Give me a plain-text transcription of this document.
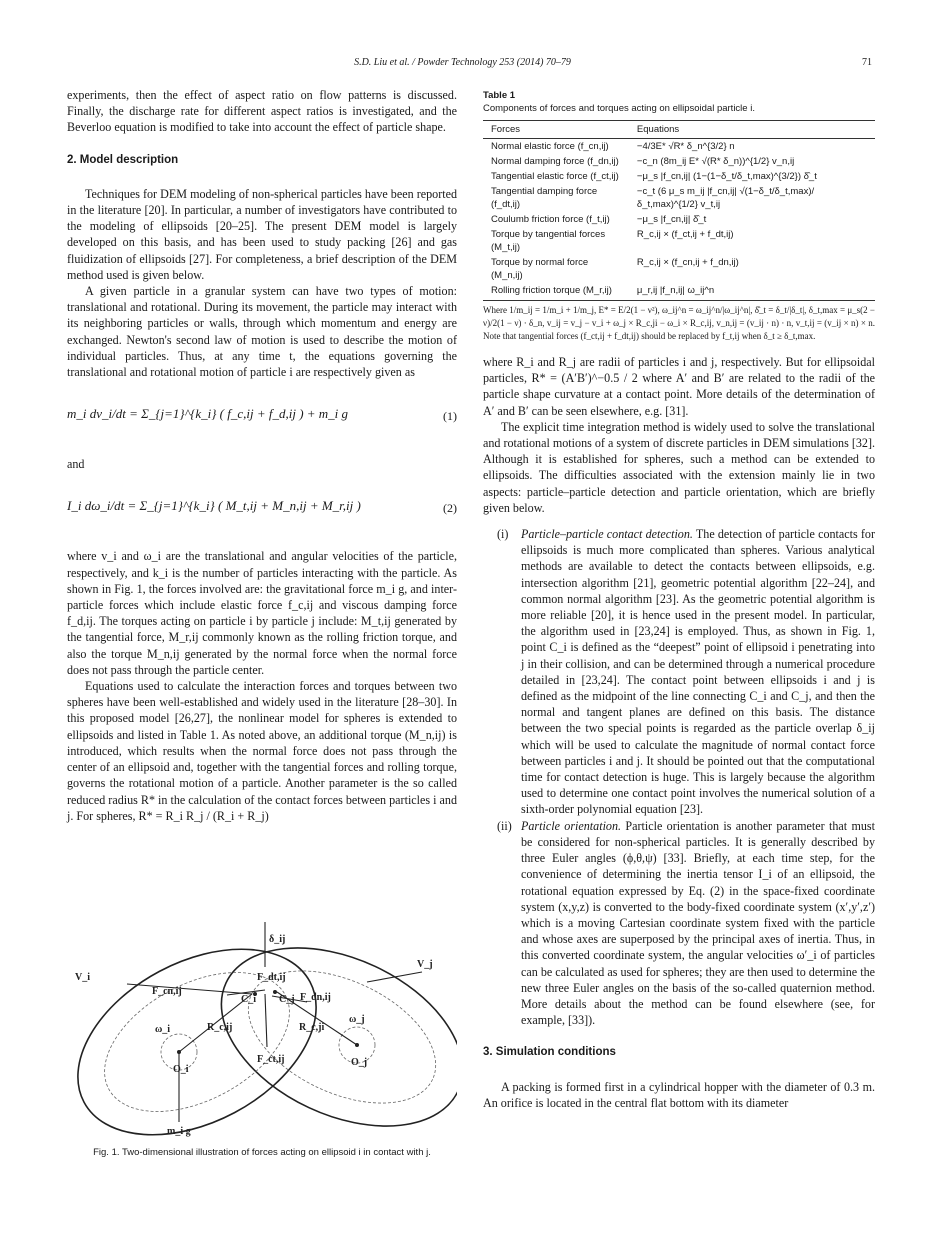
S.D. Liu et al. / Powder Technology 253 (2014) 70–79	71

experiments, then the effect of aspect ratio on flow patterns is discussed. Finally, the discharge rate for different aspect ratios is investigated, and the Beverloo equation is modified to take into account the effect of particle shape.

2. Model description

Techniques for DEM modeling of non-spherical particles have been reported in the literature [20]. In particular, a number of investigators have contributed to the modeling of ellipsoids [20–25]. The present DEM model is largely developed on this basis, and has been used to study packing [26] and gas fluidization of ellipsoids [27]. For completeness, a brief description of the DEM method used is given below.

A given particle in a granular system can have two types of motion: translational and rotational. During its movement, the particle may interact with its neighboring particles or walls, through which momentum and energy are exchanged. Newton's second law of motion is used to describe the motion of individual particles. Thus, at any time t, the equations governing the translational and rotational motion of particle i are respectively given as

m_i dv_i/dt = Σ_{j=1}^{k_i} ( f_c,ij + f_d,ij ) + m_i g	(1)

and

I_i dω_i/dt = Σ_{j=1}^{k_i} ( M_t,ij + M_n,ij + M_r,ij )	(2)

where v_i and ω_i are the translational and angular velocities of the particle, respectively, and k_i is the number of particles interacting with the particle. As shown in Fig. 1, the forces involved are: the gravitational force m_i g, and inter-particle forces which include elastic force f_c,ij and viscous damping force f_d,ij. The torques acting on particle i by particle j include: M_t,ij generated by the tangential force, M_r,ij commonly known as the rolling friction torque, and also the torque M_n,ij generated by the normal force when the normal force does not pass through the particle center.

Equations used to calculate the interaction forces and torques between two spheres have been well-established and widely used in the literature [28–30]. In this proposed model [26,27], the nonlinear model for spheres is extended to ellipsoids and listed in Table 1. As noted above, an additional torque (M_n,ij) is introduced, which results when the normal force does not pass through the center of an ellipsoid and, together with the tangential forces and rolling torque, governs the rotational motion of a particle. Another parameter is the so called reduced radius R* in the calculation of the contact forces between particles i and j. For spheres, R* = R_i R_j / (R_i + R_j)

V_i
V_j
F_cn,ij
F_dn,ij
F_dt,ij
F_ct,ij
C_i C_j
O_i
O_j
R_c,ij	R_c,ji
ω_i
ω_j
δ_ij
m_i g
Fig. 1. Two-dimensional illustration of forces acting on ellipsoid i in contact with j.
Table 1
Components of forces and torques acting on ellipsoidal particle i.
Forces	Equations
Normal elastic force (f_cn,ij)	−4/3E* √R* δ_n^{3/2} n
Normal damping force (f_dn,ij)	−c_n (8m_ij E* √(R* δ_n))^{1/2} v_n,ij
Tangential elastic force (f_ct,ij)	−μ_s |f_cn,ij| (1−(1−δ_t/δ_t,max)^{3/2}) δ̂_t
Tangential damping force (f_dt,ij)	−c_t (6 μ_s m_ij |f_cn,ij| √(1−δ_t/δ_t,max)/δ_t,max)^{1/2} v_t,ij
Coulumb friction force (f_t,ij)	−μ_s |f_cn,ij| δ̂_t
Torque by tangential forces (M_t,ij)	R_c,ij × (f_ct,ij + f_dt,ij)
Torque by normal force (M_n,ij)	R_c,ij × (f_cn,ij + f_dn,ij)
Rolling friction torque (M_r,ij)	μ_r,ij |f_n,ij| ω_ij^n
Where 1/m_ij = 1/m_i + 1/m_j, E* = E/2(1 − ν²), ω_ij^n = ω_ij^n/|ω_ij^n|, δ̂_t = δ_t/|δ_t|, δ_t,max = μ_s(2 − ν)/2(1 − ν) · δ_n, v_ij = v_j − v_i + ω_j × R_c,ji − ω_i × R_c,ij, v_n,ij = (v_ij · n) · n, v_t,ij = (v_ij × n) × n. Note that tangential forces (f_ct,ij + f_dt,ij) should be replaced by f_t,ij when δ_t ≥ δ_t,max.

where R_i and R_j are radii of particles i and j, respectively. But for ellipsoidal particles, R* = (A′B′)^−0.5 / 2 where A′ and B′ are related to the radii of the particle shape curvature at a contact point. More details of the determination of A′ and B′ can be seen elsewhere, e.g. [31].

The explicit time integration method is widely used to solve the translational and rotational motions of a system of discrete particles in DEM simulations [32]. Although it is established for spheres, such a method can be extended to ellipsoids. The difficulties associated with the extension mainly lie in two aspects: particle–particle detection and particle orientation, which are briefly given below.

(i) Particle–particle contact detection. The detection of particle contacts for ellipsoids is much more complicated than spheres. Various analytical methods are available to detect the contacts between ellipsoids, e.g. intersection algorithm [21], geometric potential algorithm [22–24], and common normal algorithm [23]. As the geometric potential algorithm is more reliable [20], it is hence used in the present model. In particular, the algorithm used in [23,24] is employed. Thus, as shown in Fig. 1, point C_i is defined as the “deepest” point of ellipsoid i penetrating into j in their collision, and can be determined through a numerical procedure detailed in [23,24]. The contact point between ellipsoids i and j is defined as the midpoint of the line connecting C_i and C_j, and then the normal and tangent planes are defined on this basis. The distance between the two special points is regarded as the particle overlap δ_ij which will be used to calculate the magnitude of normal contact force between particles i and j. It should be pointed out that the computational time for contact detection is huge. This is largely because the algorithm used to determine one contact point involves the numerical solution of a sixth-order polynomial equation [23].
(ii) Particle orientation. Particle orientation is another parameter that must be considered for non-spherical particles. It is generally described by three Euler angles (ϕ,θ,ψ) [33]. Briefly, at each time step, for the convenience of determining the inertia tensor I_i of an ellipsoid, the rotational equation expressed by Eq. (2) in the space-fixed coordinate system (x,y,z) is converted to the body-fixed coordinate system (x′,y′,z′) which is a moving Cartesian coordinate system fixed with the particle and whose axes are superposed by the principal axes of inertia. Thus, in this converted coordinate system, the angular velocities ω′_i of particles can be calculated as used for spheres; they are then used to determine the new three Euler angles on the basis of the so-called quaternion method. More details about the method can be found elsewhere (see, for example, [33]).
3. Simulation conditions

A packing is formed first in a cylindrical hopper with the diameter of 0.3 m. An orifice is located in the central flat bottom with its diameter
